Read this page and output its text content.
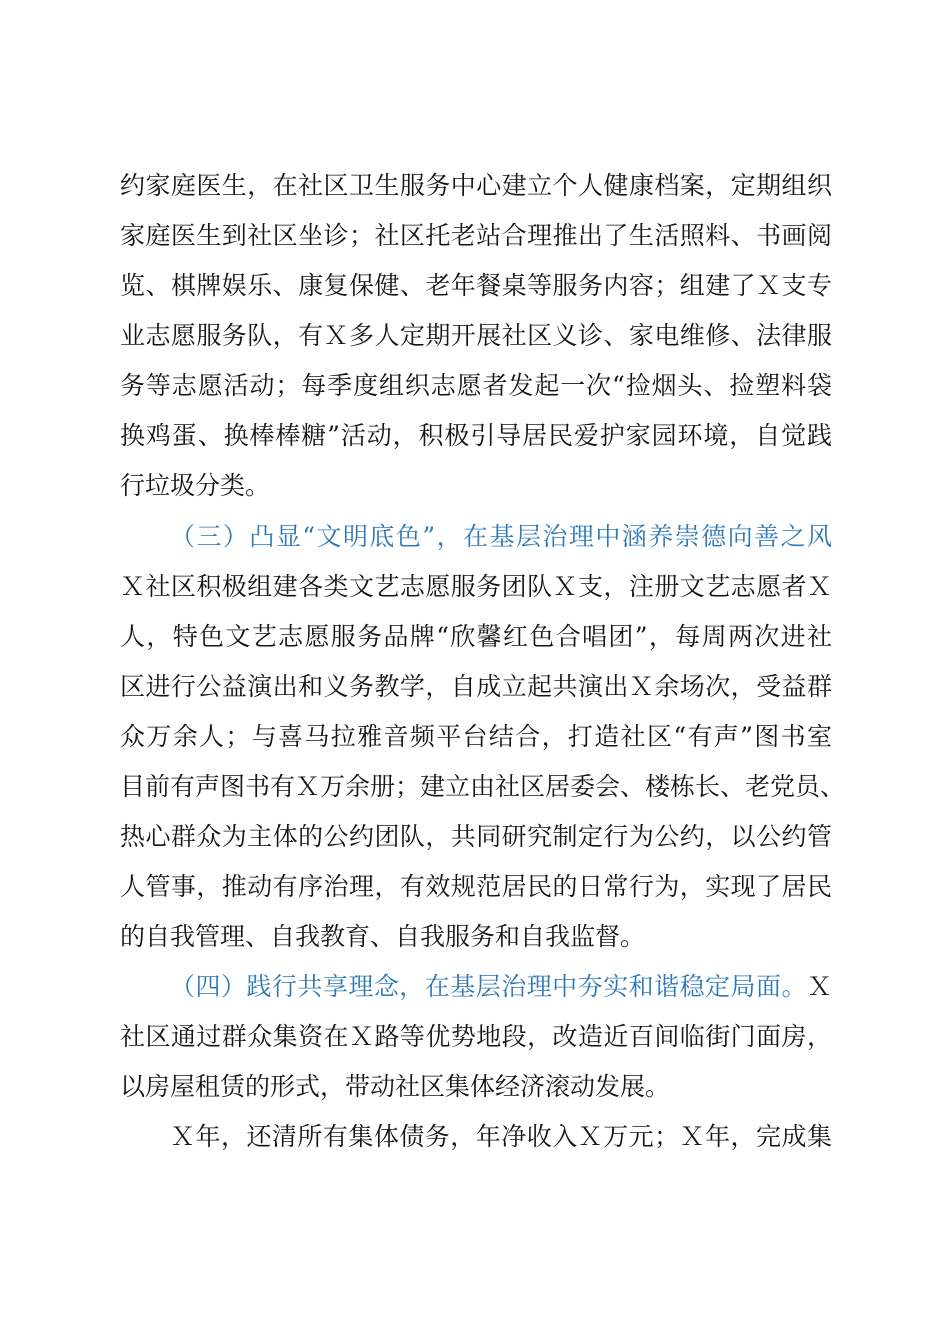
约家庭医生，在社区卫生服务中心建立个人健康档案，定期组织
家庭医生到社区坐诊；社区托老站合理推出了生活照料、书画阅
览、棋牌娱乐、康复保健、老年餐桌等服务内容；组建了Ｘ支专
业志愿服务队，有Ｘ多人定期开展社区义诊、家电维修、法律服
务等志愿活动；每季度组织志愿者发起一次“捡烟头、捡塑料袋
换鸡蛋、换棒棒糖”活动，积极引导居民爱护家园环境，自觉践
行垃圾分类。
（三）凸显“文明底色”，在基层治理中涵养崇德向善之风
Ｘ社区积极组建各类文艺志愿服务团队Ｘ支，注册文艺志愿者Ｘ
人，特色文艺志愿服务品牌“欣馨红色合唱团”，每周两次进社
区进行公益演出和义务教学，自成立起共演出Ｘ余场次，受益群
众万余人；与喜马拉雅音频平台结合，打造社区“有声”图书室
目前有声图书有Ｘ万余册；建立由社区居委会、楼栋长、老党员、
热心群众为主体的公约团队，共同研究制定行为公约，以公约管
人管事，推动有序治理，有效规范居民的日常行为，实现了居民
的自我管理、自我教育、自我服务和自我监督。
（四）践行共享理念，在基层治理中夯实和谐稳定局面。Ｘ
社区通过群众集资在Ｘ路等优势地段，改造近百间临街门面房，
以房屋租赁的形式，带动社区集体经济滚动发展。
Ｘ年，还清所有集体债务，年净收入Ｘ万元；Ｘ年，完成集
